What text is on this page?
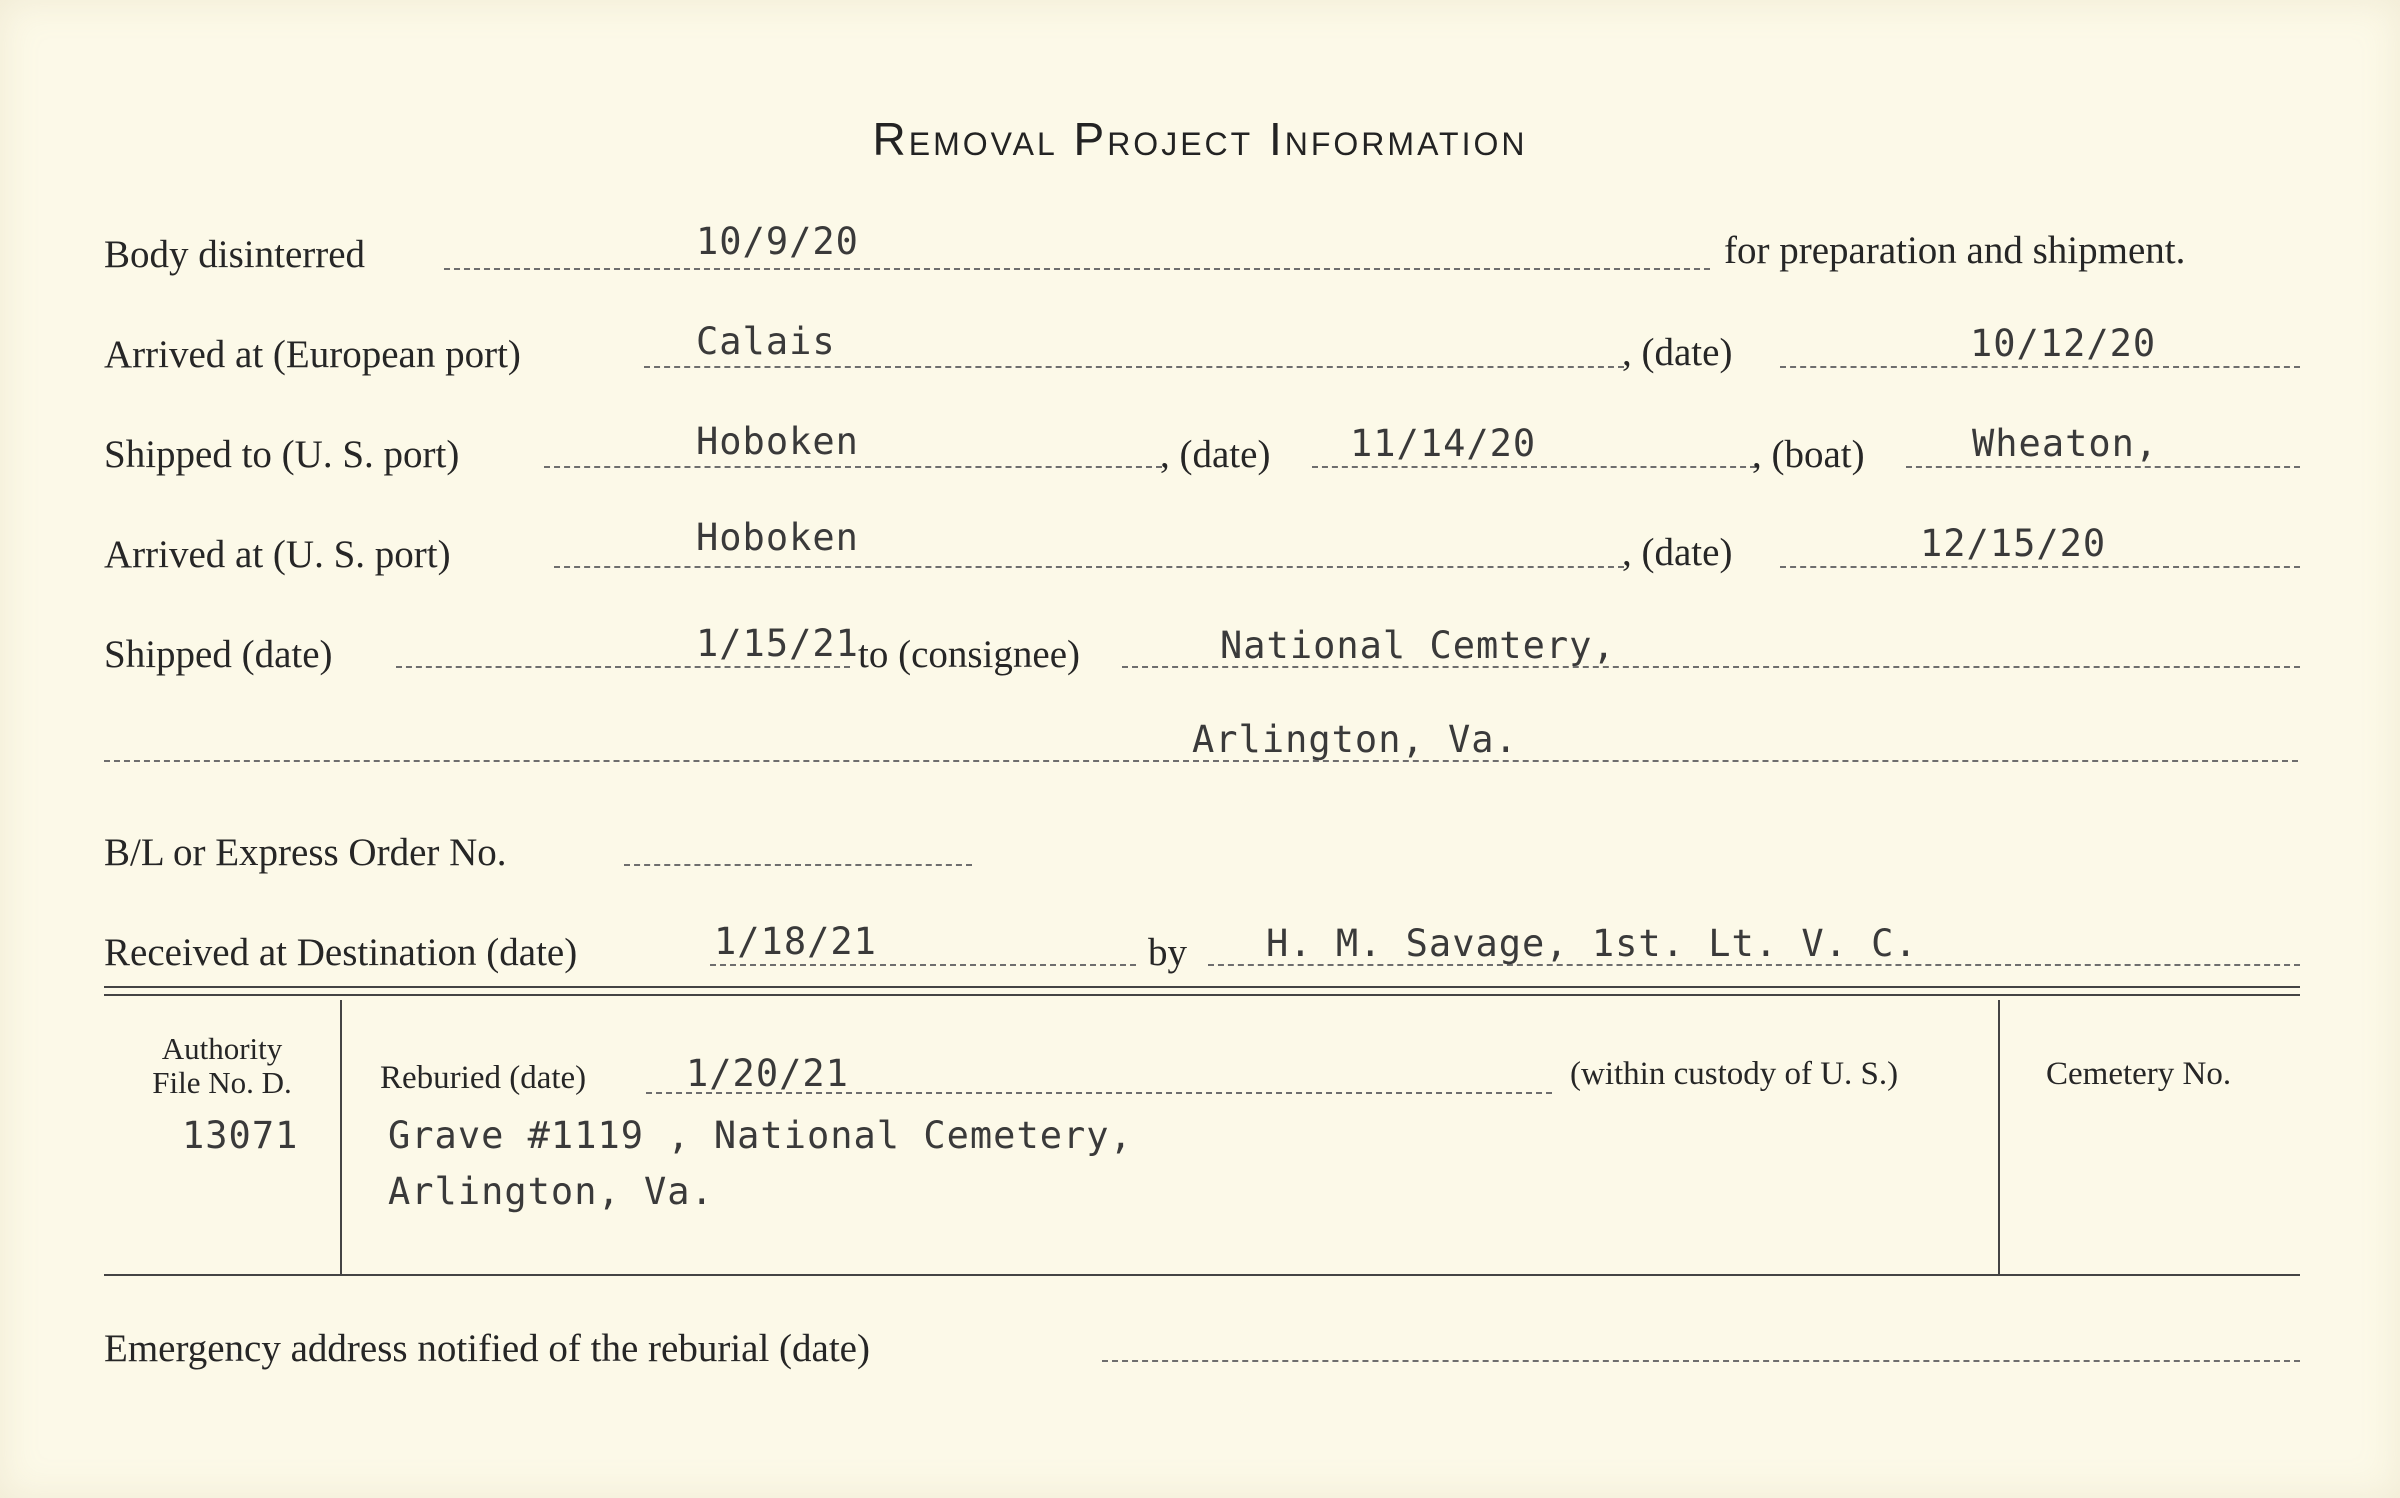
Removal Project Information
Body disinterred	10/9/20	for preparation and shipment.
Arrived at (European port)	Calais	, (date)	10/12/20
Shipped to (U. S. port)	Hoboken	, (date) 11/14/20	, (boat)	Wheaton,
Arrived at (U. S. port)	Hoboken	, (date)	12/15/20
Shipped (date)	1/15/21 to (consignee)	National Cemtery,
Arlington, Va.
B/L or Express Order No.
Received at Destination (date)	1/18/21	by H. M. Savage, 1st. Lt. V. C.
Authority
File No. D.
13071
Reburied (date)	1/20/21	(within custody of U. S.)
Grave #1119 , National Cemetery,
Arlington, Va.
Cemetery No.
Emergency address notified of the reburial (date)
